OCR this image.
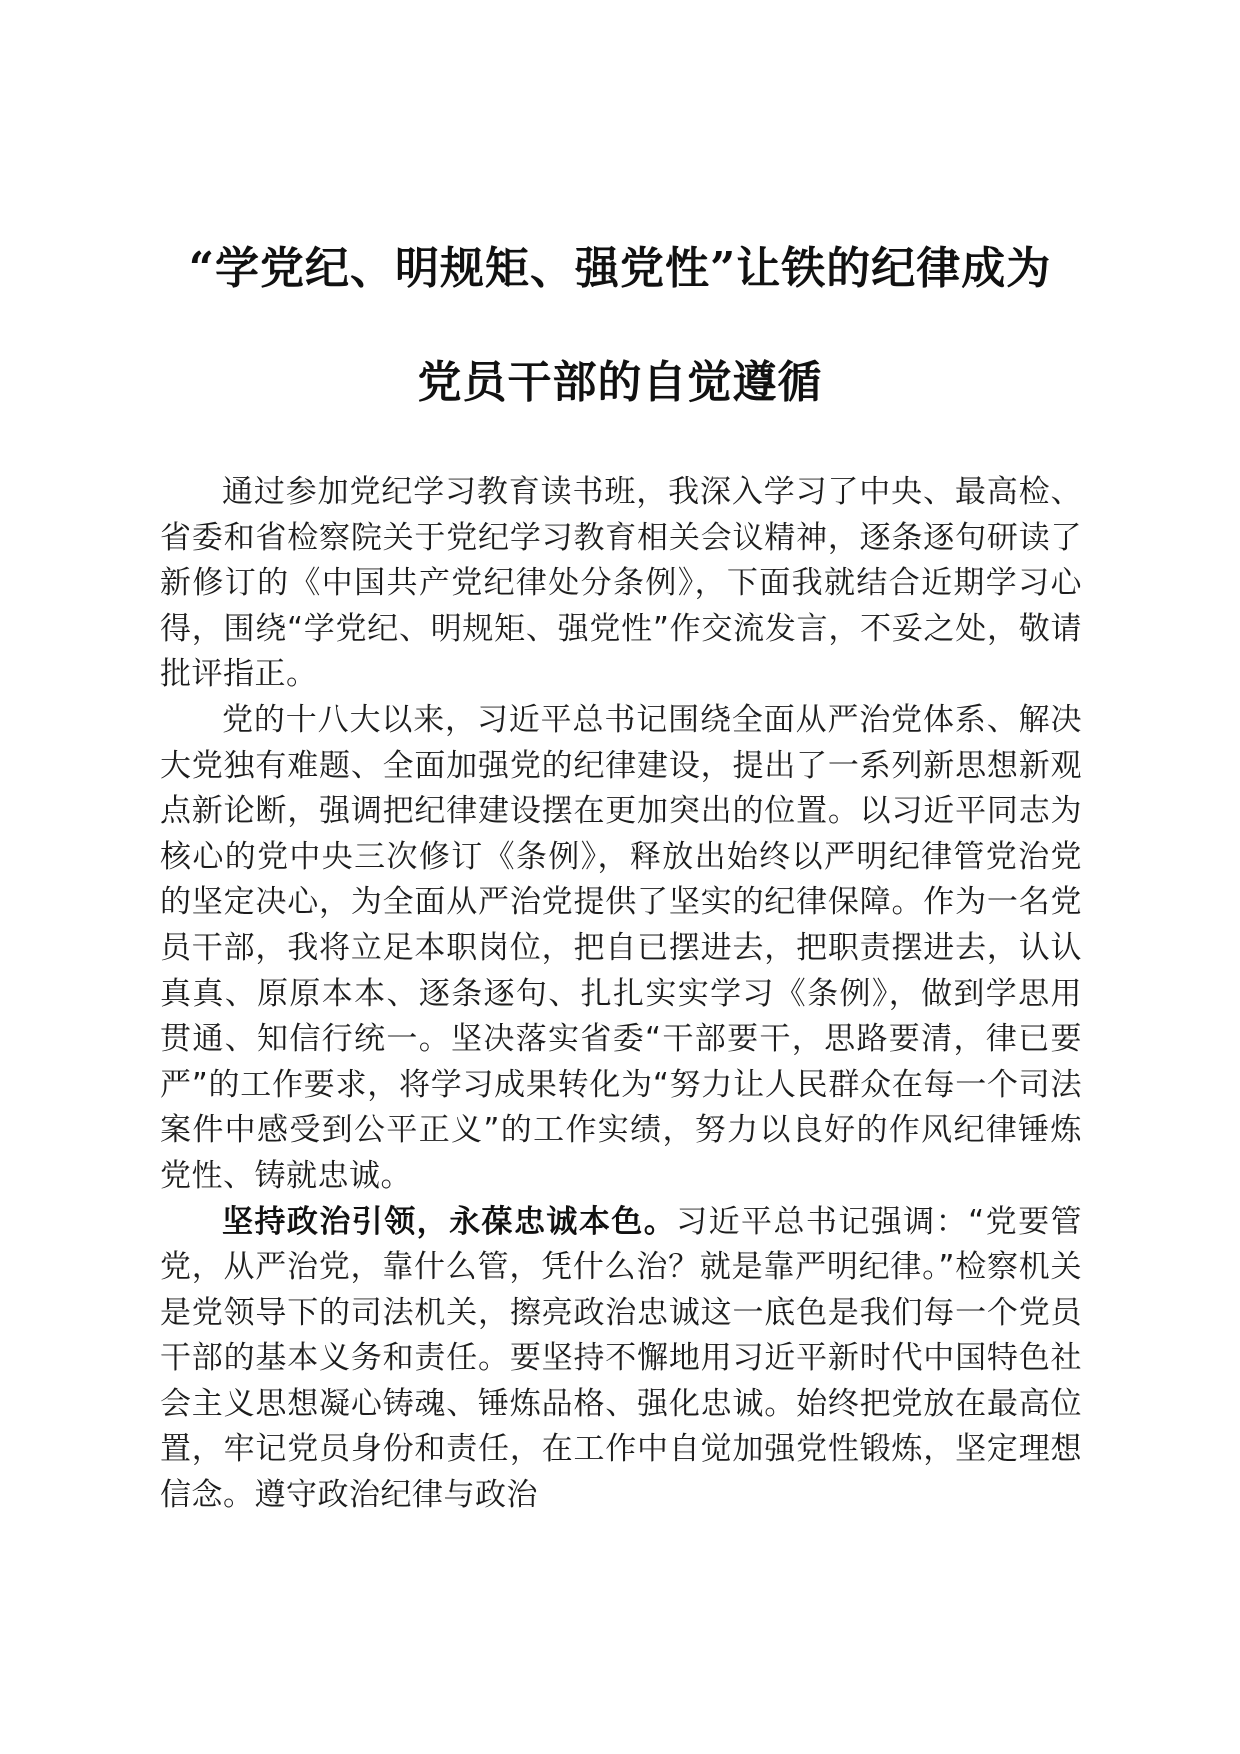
“学党纪、明规矩、强党性”让铁的纪律成为
党员干部的自觉遵循

通过参加党纪学习教育读书班，我深入学习了中央、最高检、省委和省检察院关于党纪学习教育相关会议精神，逐条逐句研读了新修订的《中国共产党纪律处分条例》，下面我就结合近期学习心得，围绕“学党纪、明规矩、强党性”作交流发言，不妥之处，敬请批评指正。

党的十八大以来，习近平总书记围绕全面从严治党体系、解决大党独有难题、全面加强党的纪律建设，提出了一系列新思想新观点新论断，强调把纪律建设摆在更加突出的位置。以习近平同志为核心的党中央三次修订《条例》，释放出始终以严明纪律管党治党的坚定决心，为全面从严治党提供了坚实的纪律保障。作为一名党员干部，我将立足本职岗位，把自已摆进去，把职责摆进去，认认真真、原原本本、逐条逐句、扎扎实实学习《条例》，做到学思用贯通、知信行统一。坚决落实省委“干部要干，思路要清，律已要严”的工作要求，将学习成果转化为“努力让人民群众在每一个司法案件中感受到公平正义”的工作实绩，努力以良好的作风纪律锤炼党性、铸就忠诚。

坚持政治引领，永葆忠诚本色。习近平总书记强调：“党要管党，从严治党，靠什么管，凭什么治？就是靠严明纪律。”检察机关是党领导下的司法机关，擦亮政治忠诚这一底色是我们每一个党员干部的基本义务和责任。要坚持不懈地用习近平新时代中国特色社会主义思想凝心铸魂、锤炼品格、强化忠诚。始终把党放在最高位置，牢记党员身份和责任，在工作中自觉加强党性锻炼，坚定理想信念。遵守政治纪律与政治
